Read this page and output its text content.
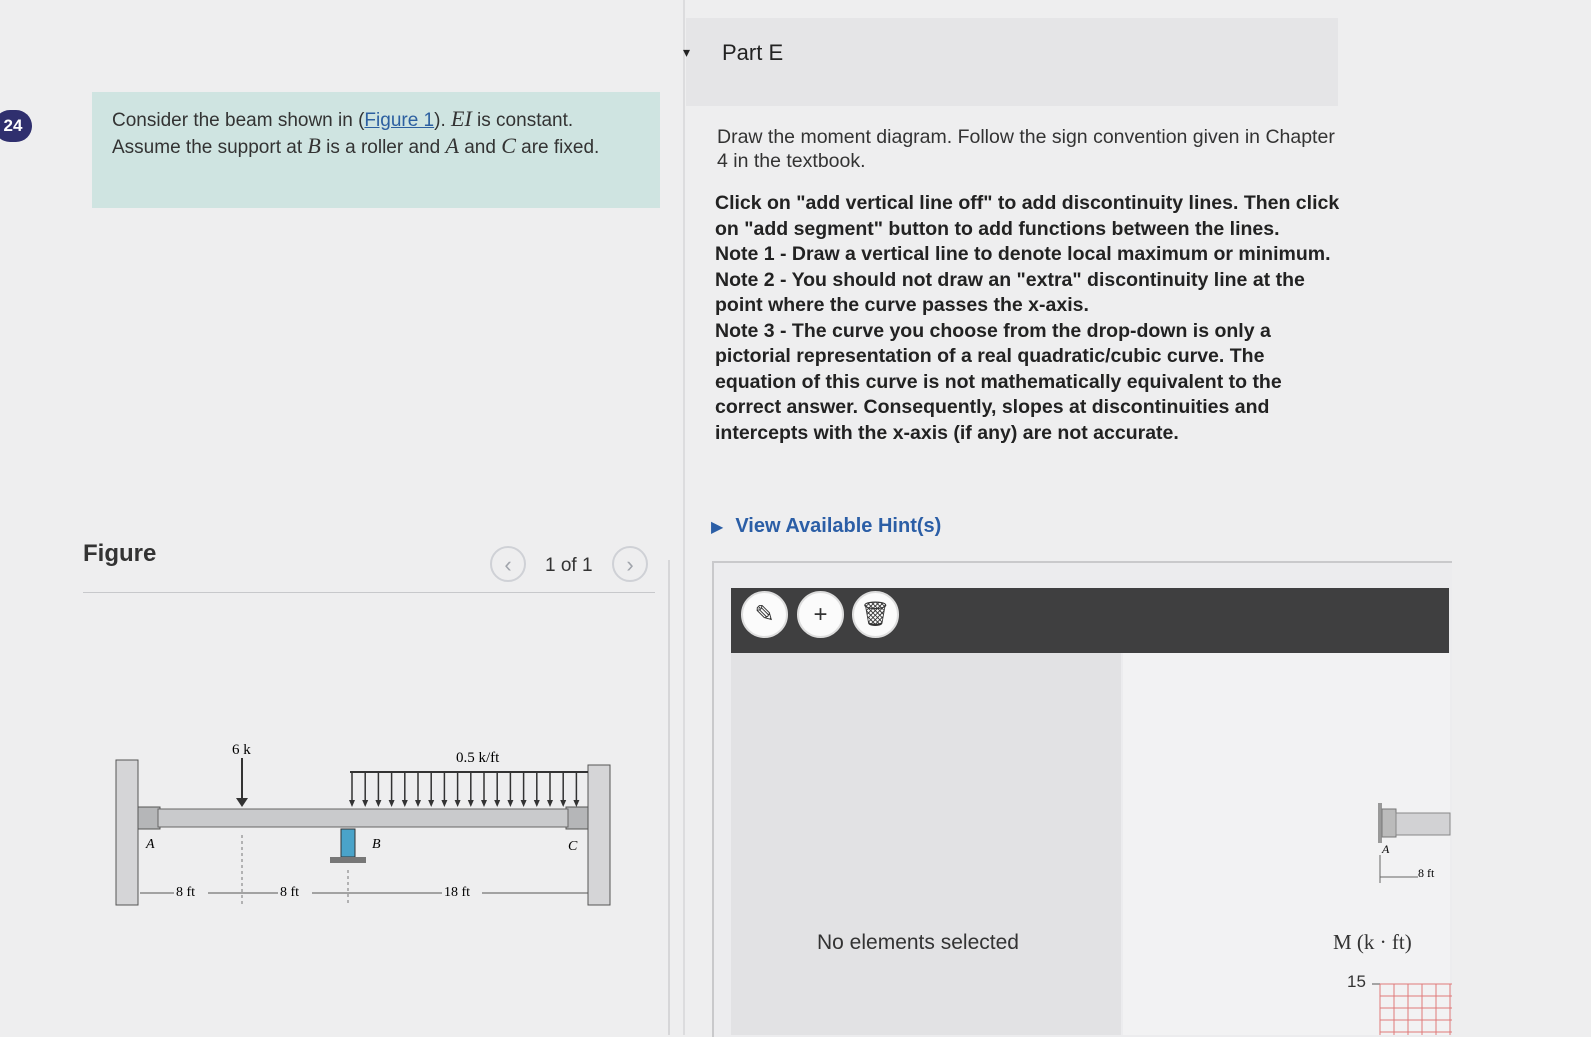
24	Consider the beam shown in (Figure 1). EI is constant. Assume the support at B is a roller and A and C are fixed.
Figure	‹	1 of 1	›
6 k	0.5 k/ft
A	B	C
8 ft	8 ft	18 ft
▾ Part E
Draw the moment diagram. Follow the sign convention given in Chapter 4 in the textbook.

Click on "add vertical line off" to add discontinuity lines. Then click on "add segment" button to add functions between the lines.

Note 1 - Draw a vertical line to denote local maximum or minimum.

Note 2 - You should not draw an "extra" discontinuity line at the point where the curve passes the x-axis.

Note 3 - The curve you choose from the drop-down is only a pictorial representation of a real quadratic/cubic curve. The equation of this curve is not mathematically equivalent to the correct answer. Consequently, slopes at discontinuities and intercepts with the x-axis (if any) are not accurate.

▶ View Available Hint(s)
✎	+	🗑
No elements selected
A
8 ft
M (k · ft)
15
